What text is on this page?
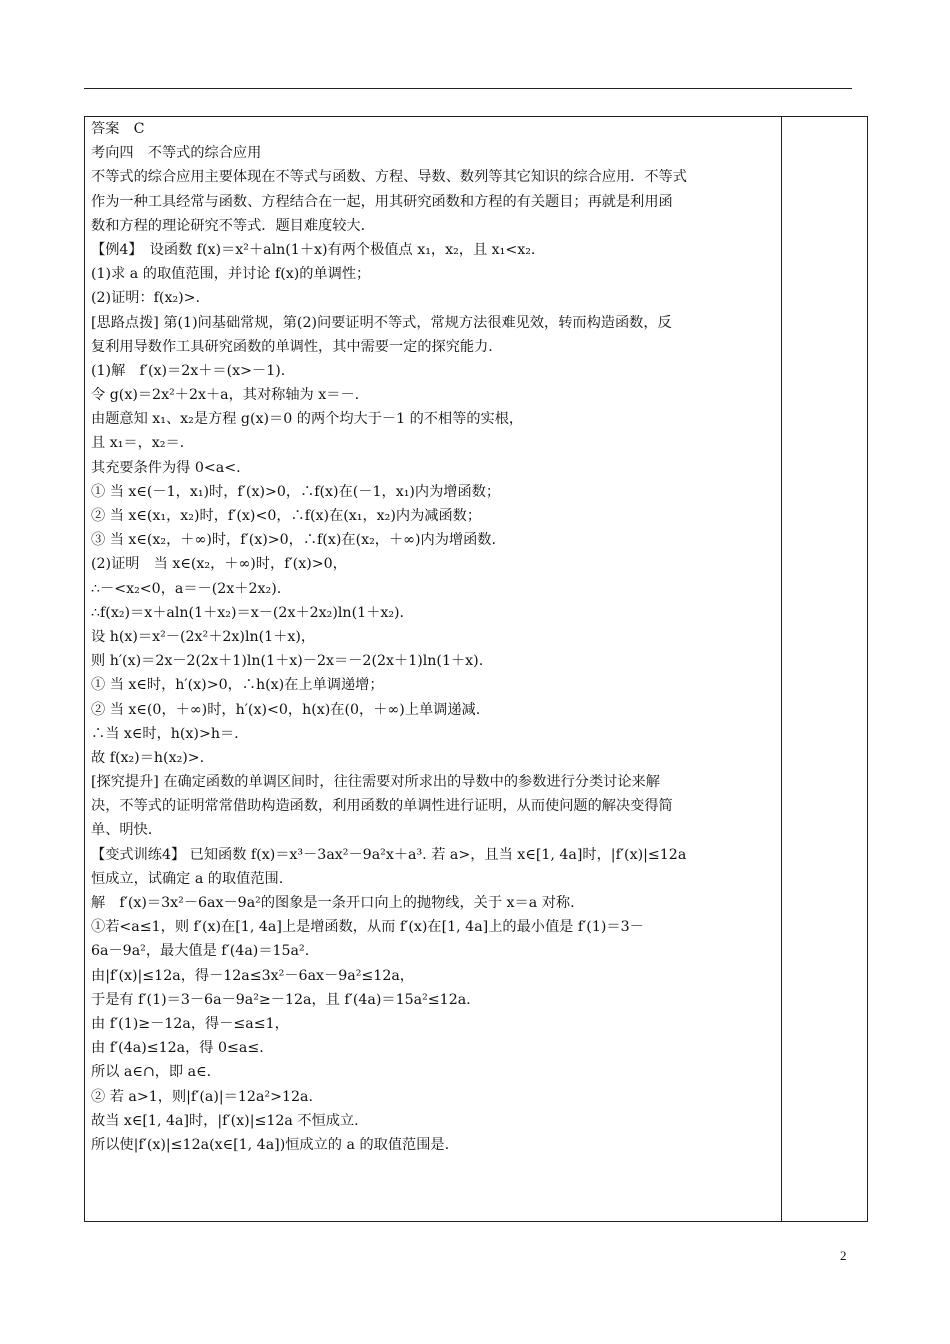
答案　C
考向四　不等式的综合应用
不等式的综合应用主要体现在不等式与函数、方程、导数、数列等其它知识的综合应用．不等式
作为一种工具经常与函数、方程结合在一起，用其研究函数和方程的有关题目；再就是利用函
数和方程的理论研究不等式．题目难度较大．
【例4】　设函数 f(x)＝x²＋aln(1＋x)有两个极值点 x₁，x₂，且 x₁<x₂.
(1)求 a 的取值范围，并讨论 f(x)的单调性；
(2)证明：f(x₂)>.
[思路点拨] 第(1)问基础常规，第(2)问要证明不等式，常规方法很难见效，转而构造函数，反
复利用导数作工具研究函数的单调性，其中需要一定的探究能力.
(1)解　f′(x)＝2x＋＝(x>－1).
令 g(x)＝2x²＋2x＋a，其对称轴为 x＝－.
由题意知 x₁、x₂是方程 g(x)＝0 的两个均大于－1 的不相等的实根，
且 x₁＝，x₂＝.
其充要条件为得 0<a<.
① 当 x∈(－1，x₁)时，f′(x)>0，∴f(x)在(－1，x₁)内为增函数；
② 当 x∈(x₁，x₂)时，f′(x)<0，∴f(x)在(x₁，x₂)内为减函数；
③ 当 x∈(x₂，＋∞)时，f′(x)>0，∴f(x)在(x₂，＋∞)内为增函数.
(2)证明　当 x∈(x₂，＋∞)时，f′(x)>0，
∴－<x₂<0，a＝－(2x＋2x₂).
∴f(x₂)＝x＋aln(1＋x₂)＝x－(2x＋2x₂)ln(1＋x₂).
设 h(x)＝x²－(2x²＋2x)ln(1＋x)，
则 h′(x)＝2x－2(2x＋1)ln(1＋x)－2x＝－2(2x＋1)ln(1＋x).
① 当 x∈时，h′(x)>0，∴h(x)在上单调递增；
② 当 x∈(0，＋∞)时，h′(x)<0，h(x)在(0，＋∞)上单调递减.
∴当 x∈时，h(x)>h＝.
故 f(x₂)＝h(x₂)>.
[探究提升] 在确定函数的单调区间时，往往需要对所求出的导数中的参数进行分类讨论来解
决，不等式的证明常常借助构造函数，利用函数的单调性进行证明，从而使问题的解决变得简
单、明快.
【变式训练4】 已知函数 f(x)＝x³－3ax²－9a²x＋a³. 若 a>，且当 x∈[1, 4a]时，|f′(x)|≤12a
恒成立，试确定 a 的取值范围.
解　f′(x)＝3x²－6ax－9a²的图象是一条开口向上的抛物线，关于 x＝a 对称.
①若<a≤1，则 f′(x)在[1, 4a]上是增函数，从而 f′(x)在[1, 4a]上的最小值是 f′(1)＝3－
6a－9a²，最大值是 f′(4a)＝15a².
由|f′(x)|≤12a，得－12a≤3x²－6ax－9a²≤12a，
于是有 f′(1)＝3－6a－9a²≥－12a，且 f′(4a)＝15a²≤12a.
由 f′(1)≥－12a，得－≤a≤1，
由 f′(4a)≤12a，得 0≤a≤.
所以 a∈∩，即 a∈.
② 若 a>1，则|f′(a)|＝12a²>12a.
故当 x∈[1, 4a]时，|f′(x)|≤12a 不恒成立.
所以使|f′(x)|≤12a(x∈[1, 4a])恒成立的 a 的取值范围是.
2
